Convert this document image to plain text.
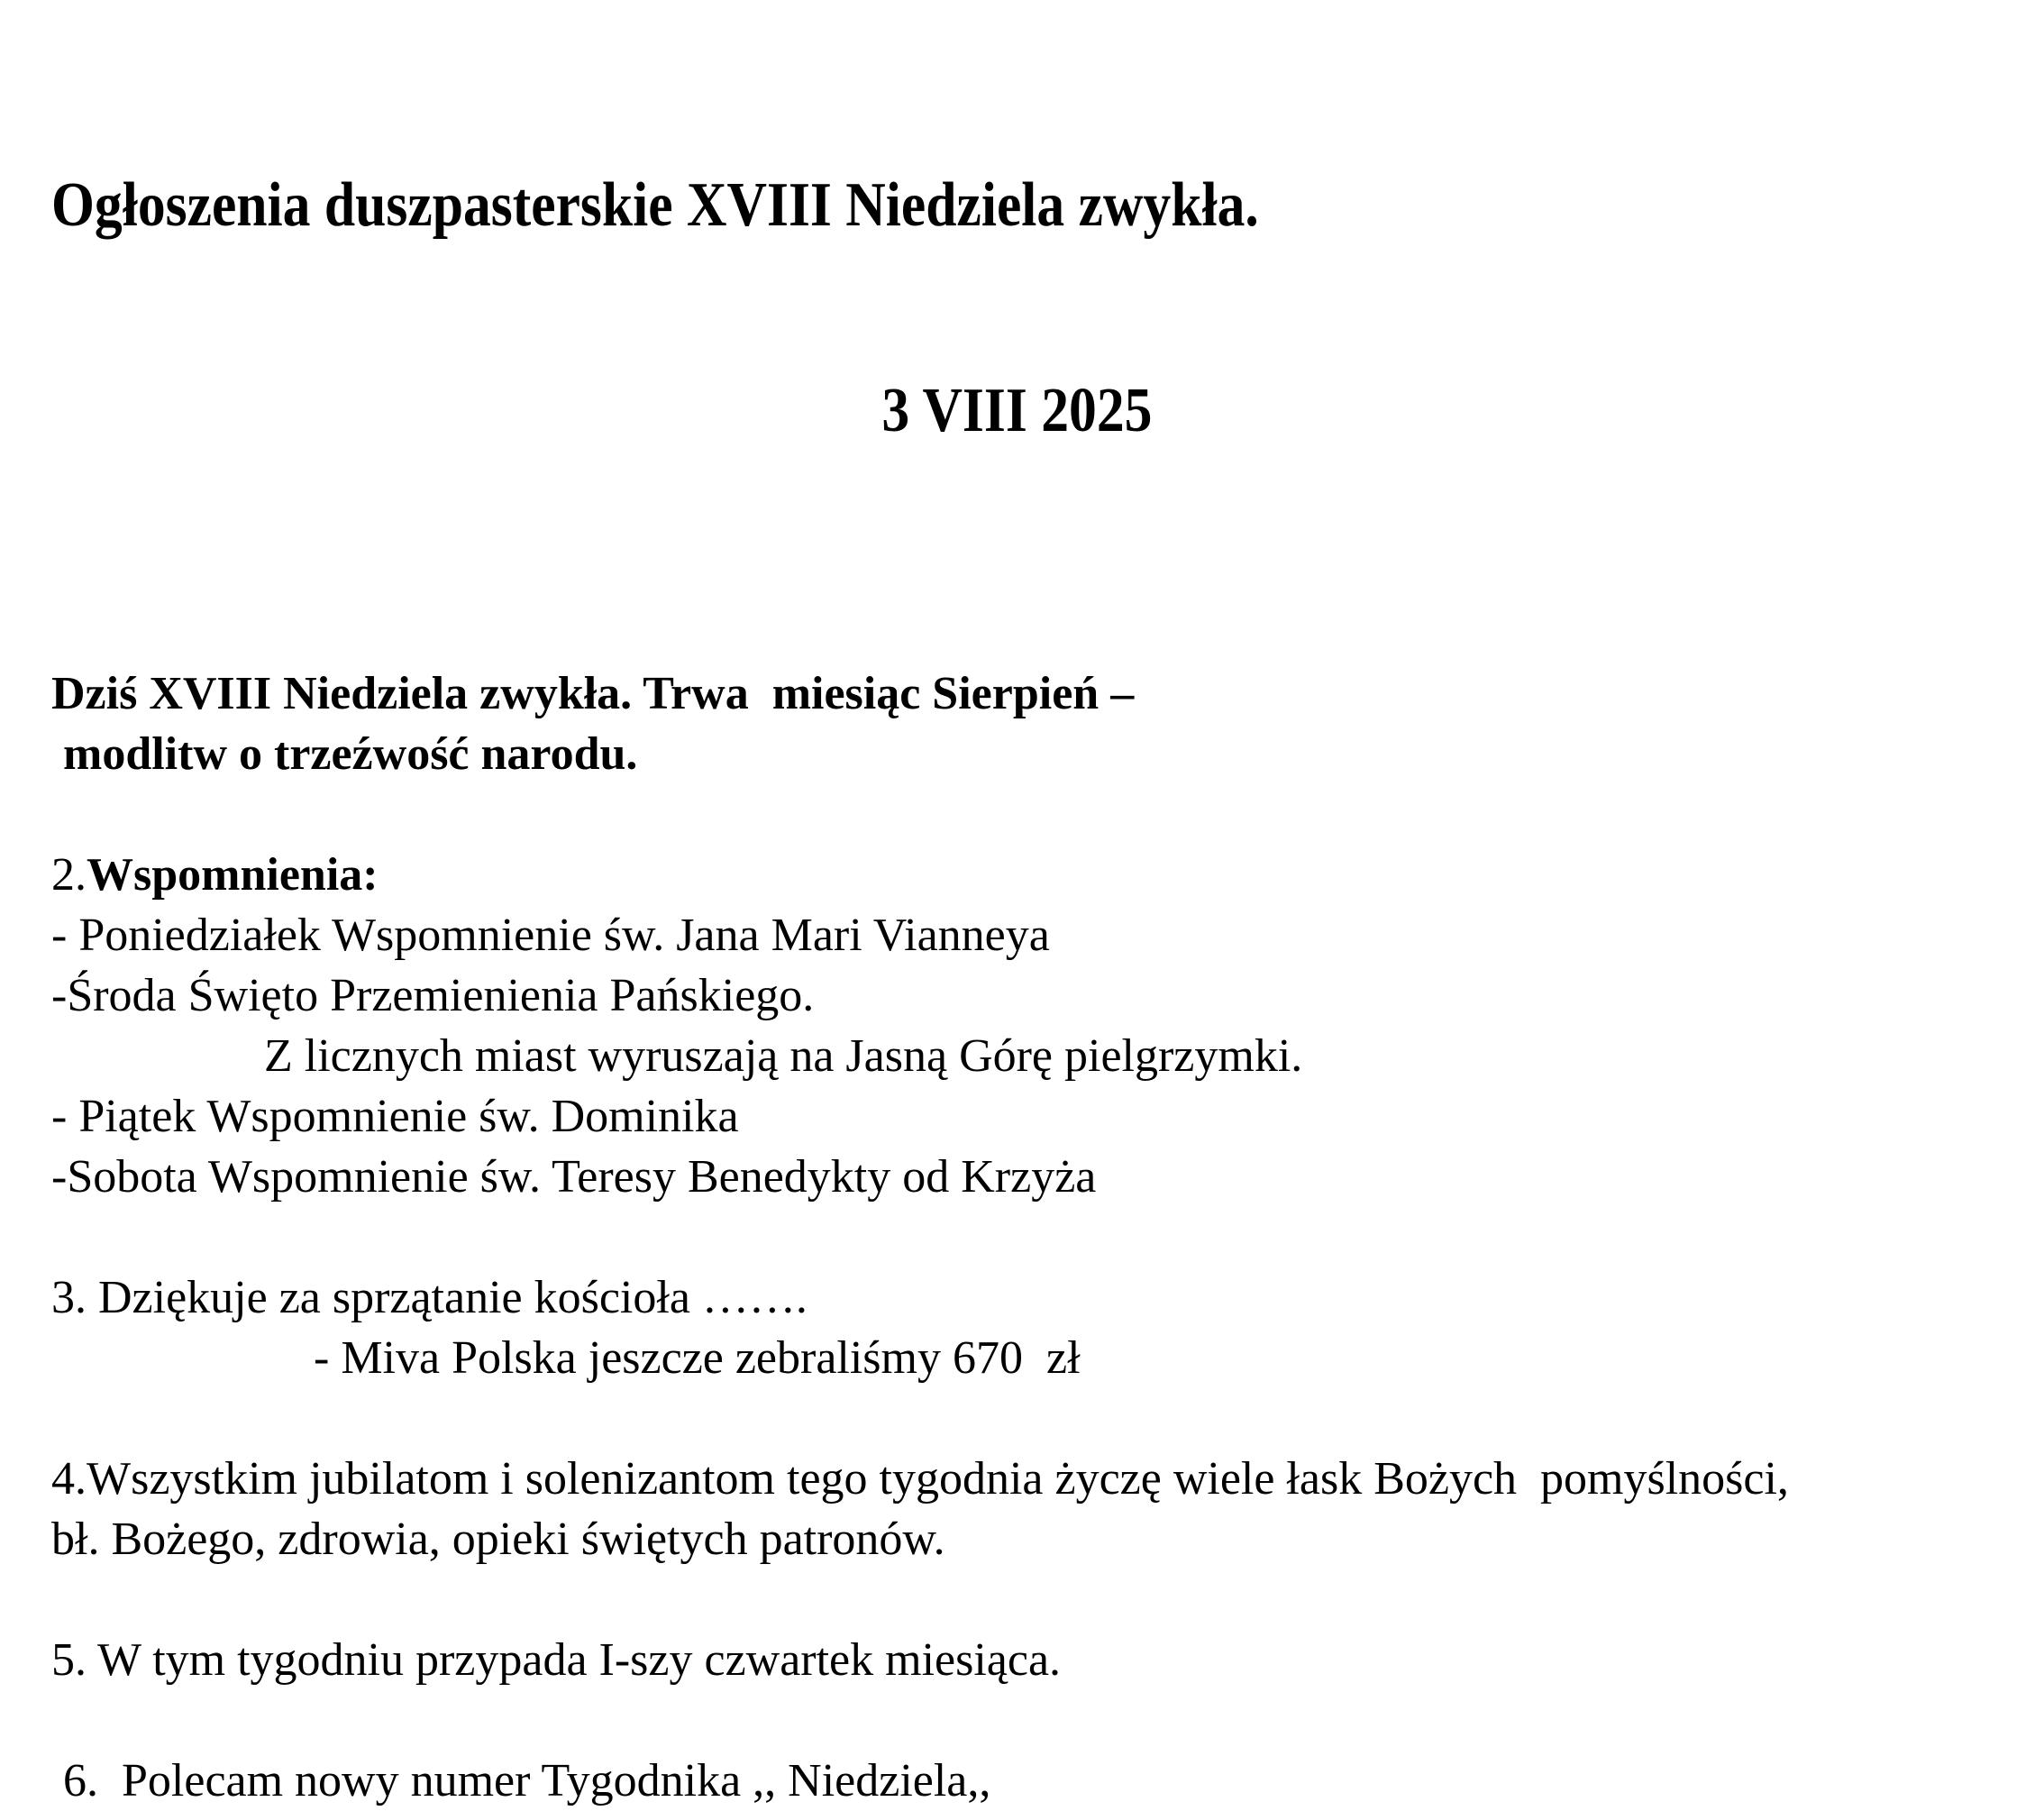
Ogłoszenia duszpasterskie XVIII Niedziela zwykła.

3 VIII 2025

Dziś XVIII Niedziela zwykła. Trwa  miesiąc Sierpień –
modlitw o trzeźwość narodu.
2.Wspomnienia:
- Poniedziałek Wspomnienie św. Jana Mari Vianneya
-Środa Święto Przemienienia Pańskiego.
Z licznych miast wyruszają na Jasną Górę pielgrzymki.
- Piątek Wspomnienie św. Dominika
-Sobota Wspomnienie św. Teresy Benedykty od Krzyża
3. Dziękuje za sprzątanie kościoła …….
- Miva Polska jeszcze zebraliśmy 670  zł
4.Wszystkim jubilatom i solenizantom tego tygodnia życzę wiele łask Bożych  pomyślności,
bł. Bożego, zdrowia, opieki świętych patronów.
5. W tym tygodniu przypada I-szy czwartek miesiąca.
6.  Polecam nowy numer Tygodnika ,, Niedziela,,
